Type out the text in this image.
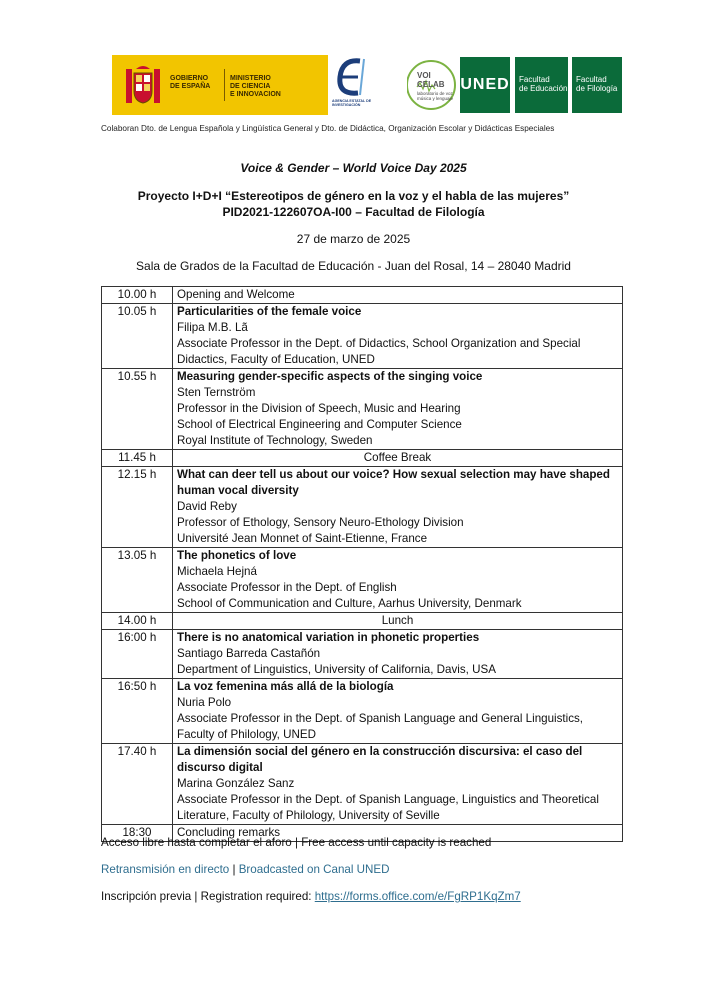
GOBIERNO
DE ESPAÑA
MINISTERIO
DE CIENCIA
E INNOVACION
AGENCIA ESTATAL DE INVESTIGACIÓN
VOI CELAB
laboratorio de voz, música y lenguaje
UNED Facultad
de Educación
Facultad
de Filología
Colaboran Dto. de Lengua Española y Lingüística General y Dto. de Didáctica, Organización Escolar y Didácticas Especiales
Voice & Gender – World Voice Day 2025
Proyecto I+D+I “Estereotipos de género en la voz y el habla de las mujeres”
PID2021-122607OA-I00 – Facultad de Filología
27 de marzo de 2025
Sala de Grados de la Facultad de Educación - Juan del Rosal, 14 – 28040 Madrid
10.00 h	Opening and Welcome

10.05 h	Particularities of the female voice
Filipa M.B. Lã
Associate Professor in the Dept. of Didactics, School Organization and Special Didactics, Faculty of Education, UNED

10.55 h	Measuring gender-specific aspects of the singing voice
Sten Ternström
Professor in the Division of Speech, Music and Hearing
School of Electrical Engineering and Computer Science
Royal Institute of Technology, Sweden

11.45 h	Coffee Break

12.15 h	What can deer tell us about our voice? How sexual selection may have shaped human vocal diversity
David Reby
Professor of Ethology, Sensory Neuro-Ethology Division
Université Jean Monnet of Saint-Etienne, France

13.05 h	The phonetics of love
Michaela Hejná
Associate Professor in the Dept. of English
School of Communication and Culture, Aarhus University, Denmark

14.00 h	Lunch

16:00 h	There is no anatomical variation in phonetic properties
Santiago Barreda Castañón
Department of Linguistics, University of California, Davis, USA

16:50 h	La voz femenina más allá de la biología
Nuria Polo
Associate Professor in the Dept. of Spanish Language and General Linguistics, Faculty of Philology, UNED

17.40 h	La dimensión social del género en la construcción discursiva: el caso del discurso digital
Marina González Sanz
Associate Professor in the Dept. of Spanish Language, Linguistics and Theoretical Literature, Faculty of Philology, University of Seville

18:30	Concluding remarks
Acceso libre hasta completar el aforo | Free access until capacity is reached
Retransmisión en directo | Broadcasted on Canal UNED
Inscripción previa | Registration required: https://forms.office.com/e/FgRP1KqZm7
